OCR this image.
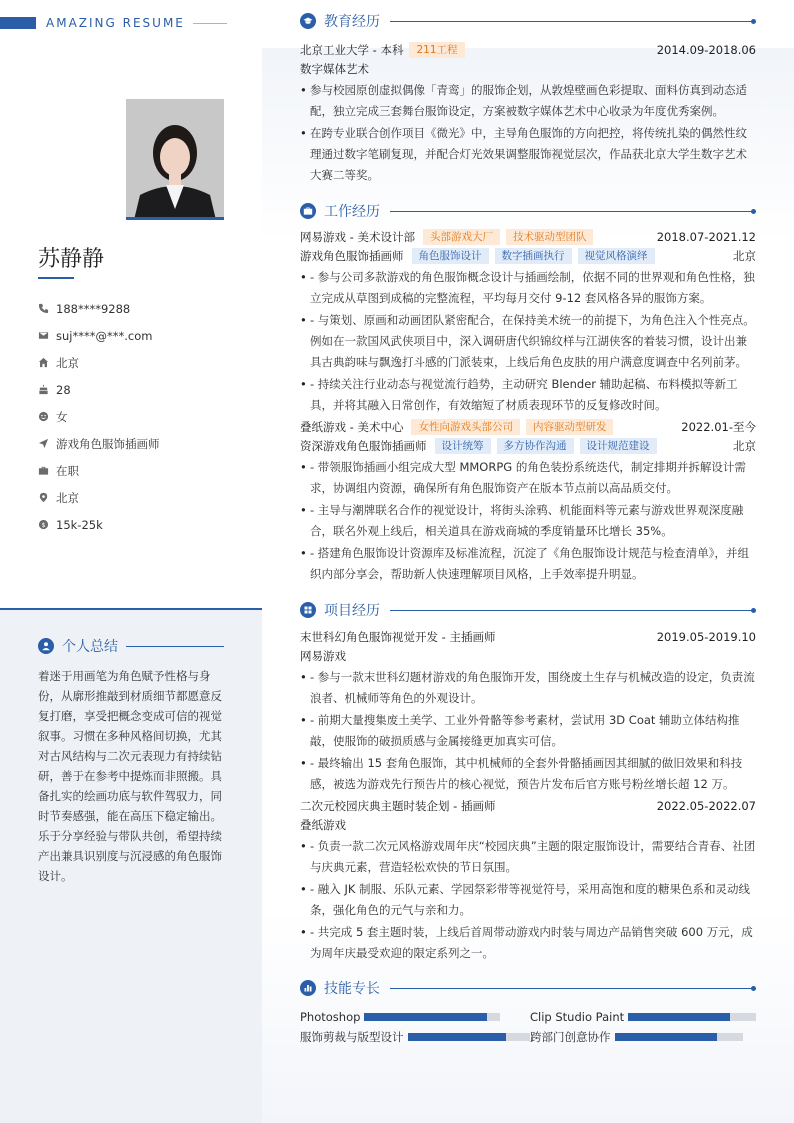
AMAZING RESUME
苏静静
188****9288
suj****@***.com
北京
28
女
游戏角色服饰插画师
在职
北京
$ 15k-25k
个人总结
着迷于用画笔为角色赋予性格与身份，从廓形推敲到材质细节都愿意反复打磨，享受把概念变成可信的视觉叙事。习惯在多种风格间切换，尤其对古风结构与二次元表现力有持续钻研，善于在参考中提炼而非照搬。具备扎实的绘画功底与软件驾驭力，同时节奏感强，能在高压下稳定输出。乐于分享经验与带队共创，希望持续产出兼具识别度与沉浸感的角色服饰设计。
教育经历
北京工业大学 - 本科	211工程	2014.09-2018.06
数字媒体艺术
• 参与校园原创虚拟偶像「青鸾」的服饰企划，从敦煌壁画色彩提取、面料仿真到动态适配，独立完成三套舞台服饰设定，方案被数字媒体艺术中心收录为年度优秀案例。
• 在跨专业联合创作项目《微光》中，主导角色服饰的方向把控，将传统扎染的偶然性纹理通过数字笔刷复现，并配合灯光效果调整服饰视觉层次，作品获北京大学生数字艺术大赛二等奖。
工作经历
网易游戏 - 美术设计部	头部游戏大厂	技术驱动型团队	2018.07-2021.12
游戏角色服饰插画师	角色服饰设计	数字插画执行	视觉风格演绎	北京
• - 参与公司多款游戏的角色服饰概念设计与插画绘制，依据不同的世界观和角色性格，独立完成从草图到成稿的完整流程，平均每月交付 9-12 套风格各异的服饰方案。
• - 与策划、原画和动画团队紧密配合，在保持美术统一的前提下，为角色注入个性亮点。例如在一款国风武侠项目中，深入调研唐代织锦纹样与江湖侠客的着装习惯，设计出兼具古典韵味与飘逸打斗感的门派装束，上线后角色皮肤的用户满意度调查中名列前茅。
• - 持续关注行业动态与视觉流行趋势，主动研究 Blender 辅助起稿、布料模拟等新工具，并将其融入日常创作，有效缩短了材质表现环节的反复修改时间。
叠纸游戏 - 美术中心	女性向游戏头部公司	内容驱动型研发	2022.01-至今
资深游戏角色服饰插画师	设计统筹	多方协作沟通	设计规范建设	北京
• - 带领服饰插画小组完成大型 MMORPG 的角色装扮系统迭代，制定排期并拆解设计需求，协调组内资源，确保所有角色服饰资产在版本节点前以高品质交付。
• - 主导与潮牌联名合作的视觉设计，将街头涂鸦、机能面料等元素与游戏世界观深度融合，联名外观上线后，相关道具在游戏商城的季度销量环比增长 35%。
• - 搭建角色服饰设计资源库及标准流程，沉淀了《角色服饰设计规范与检查清单》，并组织内部分享会，帮助新人快速理解项目风格，上手效率提升明显。
项目经历
末世科幻角色服饰视觉开发 - 主插画师	2019.05-2019.10
网易游戏
• - 参与一款末世科幻题材游戏的角色服饰开发，围绕废土生存与机械改造的设定，负责流浪者、机械师等角色的外观设计。
• - 前期大量搜集废土美学、工业外骨骼等参考素材，尝试用 3D Coat 辅助立体结构推敲，使服饰的破损质感与金属接缝更加真实可信。
• - 最终输出 15 套角色服饰，其中机械师的全套外骨骼插画因其细腻的做旧效果和科技感，被选为游戏先行预告片的核心视觉，预告片发布后官方账号粉丝增长超 12 万。
二次元校园庆典主题时装企划 - 插画师	2022.05-2022.07
叠纸游戏
• - 负责一款二次元风格游戏周年庆“校园庆典”主题的限定服饰设计，需要结合青春、社团与庆典元素，营造轻松欢快的节日氛围。
• - 融入 JK 制服、乐队元素、学园祭彩带等视觉符号，采用高饱和度的糖果色系和灵动线条，强化角色的元气与亲和力。
• - 共完成 5 套主题时装，上线后首周带动游戏内时装与周边产品销售突破 600 万元，成为周年庆最受欢迎的限定系列之一。
技能专长
Photoshop	Clip Studio Paint
服饰剪裁与版型设计	跨部门创意协作
